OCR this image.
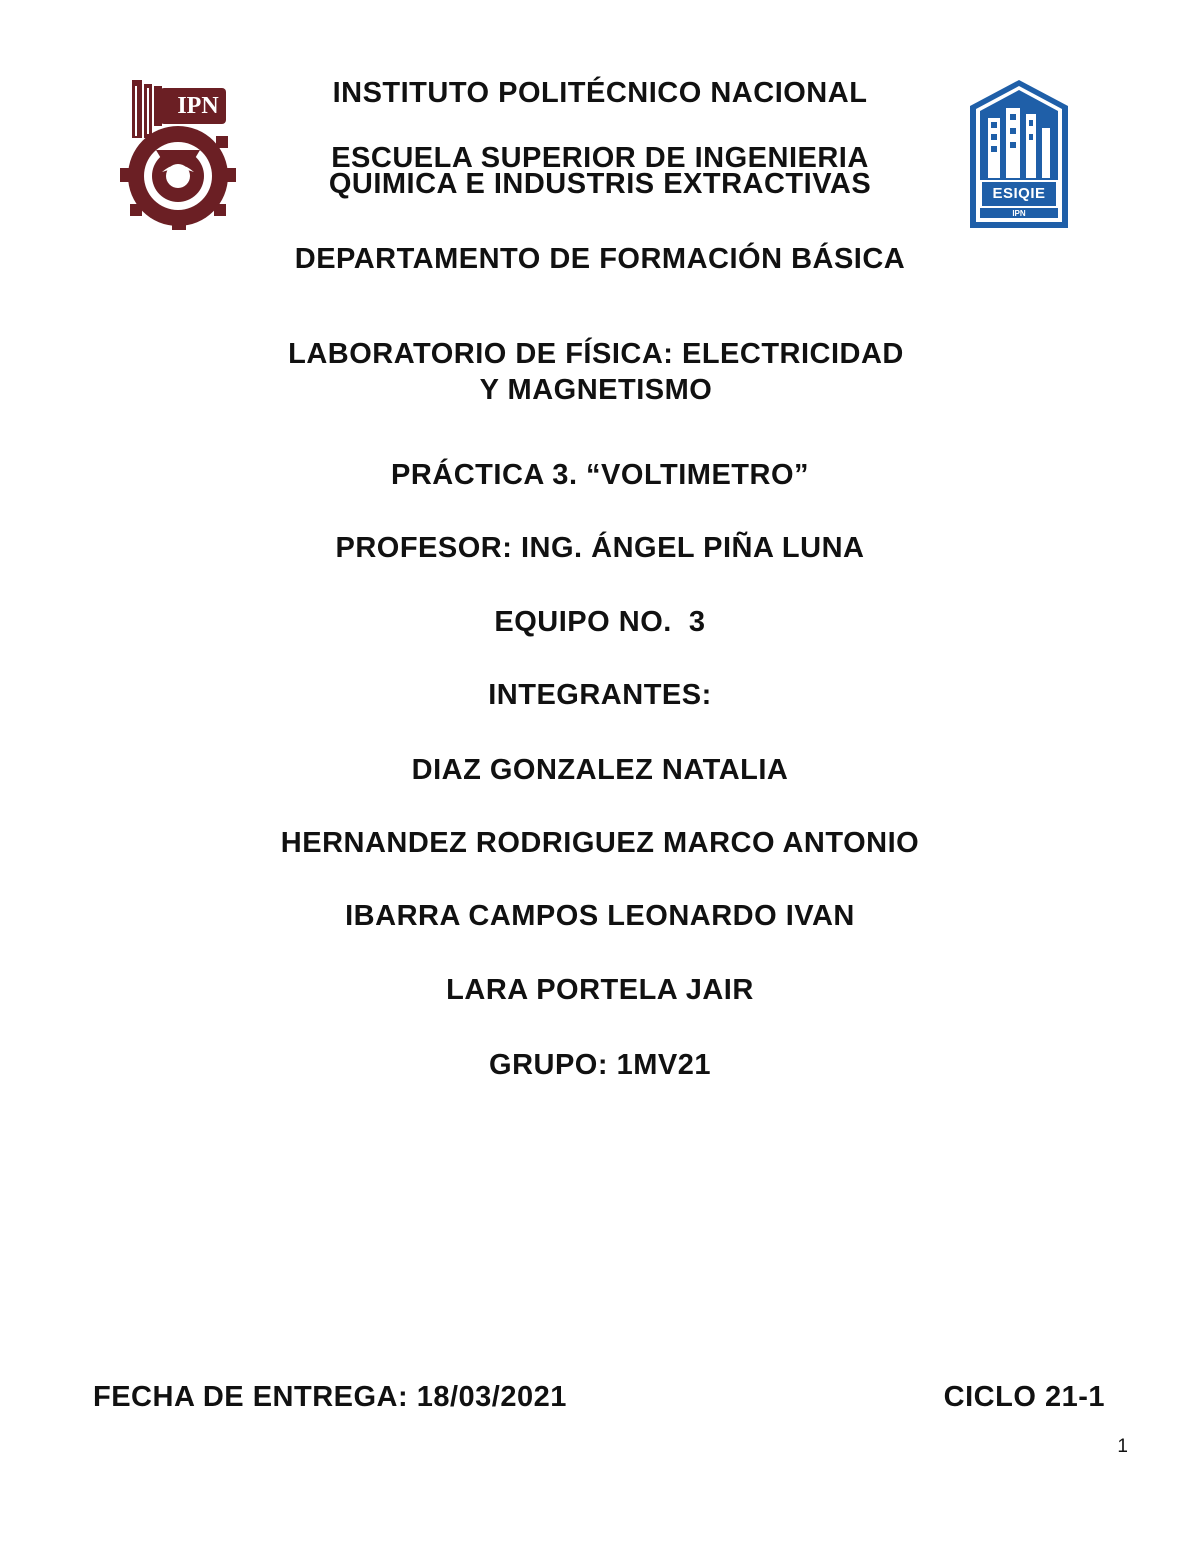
IPN
ESIQIE
IPN
INSTITUTO POLITÉCNICO NACIONAL
ESCUELA SUPERIOR DE INGENIERIA
QUIMICA E INDUSTRIS EXTRACTIVAS
DEPARTAMENTO DE FORMACIÓN BÁSICA
LABORATORIO DE FÍSICA: ELECTRICIDAD
Y MAGNETISMO
PRÁCTICA 3. “VOLTIMETRO”
PROFESOR: ING. ÁNGEL PIÑA LUNA
EQUIPO NO.  3
INTEGRANTES:
DIAZ GONZALEZ NATALIA
HERNANDEZ RODRIGUEZ MARCO ANTONIO
IBARRA CAMPOS LEONARDO IVAN
LARA PORTELA JAIR
GRUPO: 1MV21
FECHA DE ENTREGA: 18/03/2021	CICLO 21-1
1
